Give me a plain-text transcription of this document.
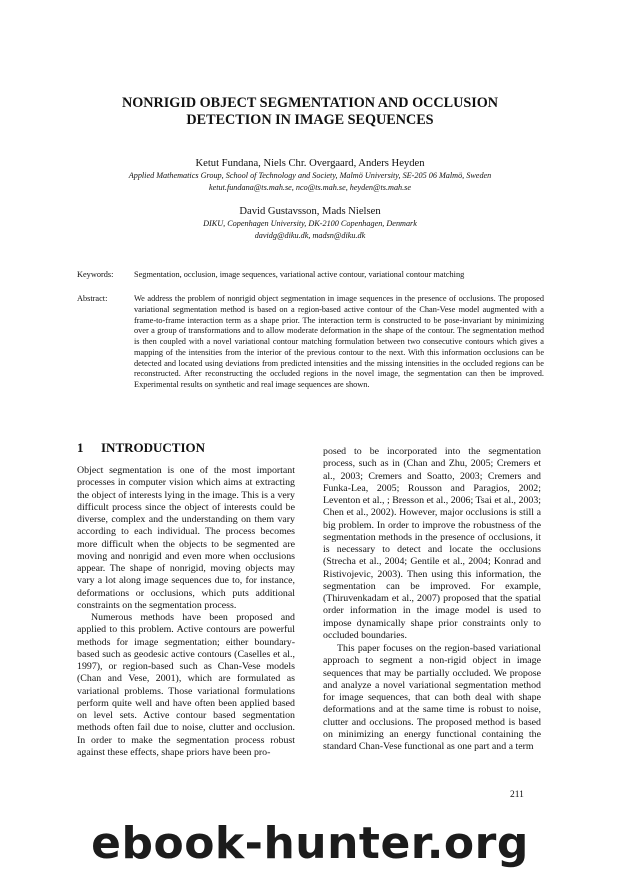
NONRIGID OBJECT SEGMENTATION AND OCCLUSION
DETECTION IN IMAGE SEQUENCES
Ketut Fundana, Niels Chr. Overgaard, Anders Heyden
Applied Mathematics Group, School of Technology and Society, Malmö University, SE-205 06 Malmö, Sweden
ketut.fundana@ts.mah.se, nco@ts.mah.se, heyden@ts.mah.se
David Gustavsson, Mads Nielsen
DIKU, Copenhagen University, DK-2100 Copenhagen, Denmark
davidg@diku.dk, madsn@diku.dk
Keywords: Segmentation, occlusion, image sequences, variational active contour, variational contour matching
Abstract:	We address the problem of nonrigid object segmentation in image sequences in the presence of occlusions. The proposed variational segmentation method is based on a region-based active contour of the Chan-Vese model augmented with a frame-to-frame interaction term as a shape prior. The interaction term is constructed to be pose-invariant by minimizing over a group of transformations and to allow moderate deformation in the shape of the contour. The segmentation method is then coupled with a novel variational contour matching formulation between two consecutive contours which gives a mapping of the intensities from the interior of the previous contour to the next. With this information occlusions can be detected and located using deviations from predicted intensities and the missing intensities in the occluded regions can be reconstructed. After reconstructing the occluded regions in the novel image, the segmentation can then be improved. Experimental results on synthetic and real image sequences are shown.
1 INTRODUCTION

Object segmentation is one of the most important processes in computer vision which aims at extracting the object of interests lying in the image. This is a very difficult process since the object of interests could be diverse, complex and the understanding on them vary according to each individual. The process becomes more difficult when the objects to be segmented are moving and nonrigid and even more when occlusions appear. The shape of nonrigid, moving objects may vary a lot along image sequences due to, for instance, deformations or occlusions, which puts additional constraints on the segmentation process.

Numerous methods have been proposed and applied to this problem. Active contours are powerful methods for image segmentation; either boundary-based such as geodesic active contours (Caselles et al., 1997), or region-based such as Chan-Vese models (Chan and Vese, 2001), which are formulated as variational problems. Those variational formulations perform quite well and have often been applied based on level sets. Active contour based segmentation methods often fail due to noise, clutter and occlusion. In order to make the segmentation process robust against these effects, shape priors have been pro-

posed to be incorporated into the segmentation process, such as in (Chan and Zhu, 2005; Cremers et al., 2003; Cremers and Soatto, 2003; Cremers and Funka-Lea, 2005; Rousson and Paragios, 2002; Leventon et al., ; Bresson et al., 2006; Tsai et al., 2003; Chen et al., 2002). However, major occlusions is still a big problem. In order to improve the robustness of the segmentation methods in the presence of occlusions, it is necessary to detect and locate the occlusions (Strecha et al., 2004; Gentile et al., 2004; Konrad and Ristivojevic, 2003). Then using this information, the segmentation can be improved. For example, (Thiruvenkadam et al., 2007) proposed that the spatial order information in the image model is used to impose dynamically shape prior constraints only to occluded boundaries.
This paper focuses on the region-based variational approach to segment a non-rigid object in image sequences that may be partially occluded. We propose and analyze a novel variational segmentation method for image sequences, that can both deal with shape deformations and at the same time is robust to noise, clutter and occlusions. The proposed method is based on minimizing an energy functional containing the standard Chan-Vese functional as one part and a term
211
ebook-hunter.org
